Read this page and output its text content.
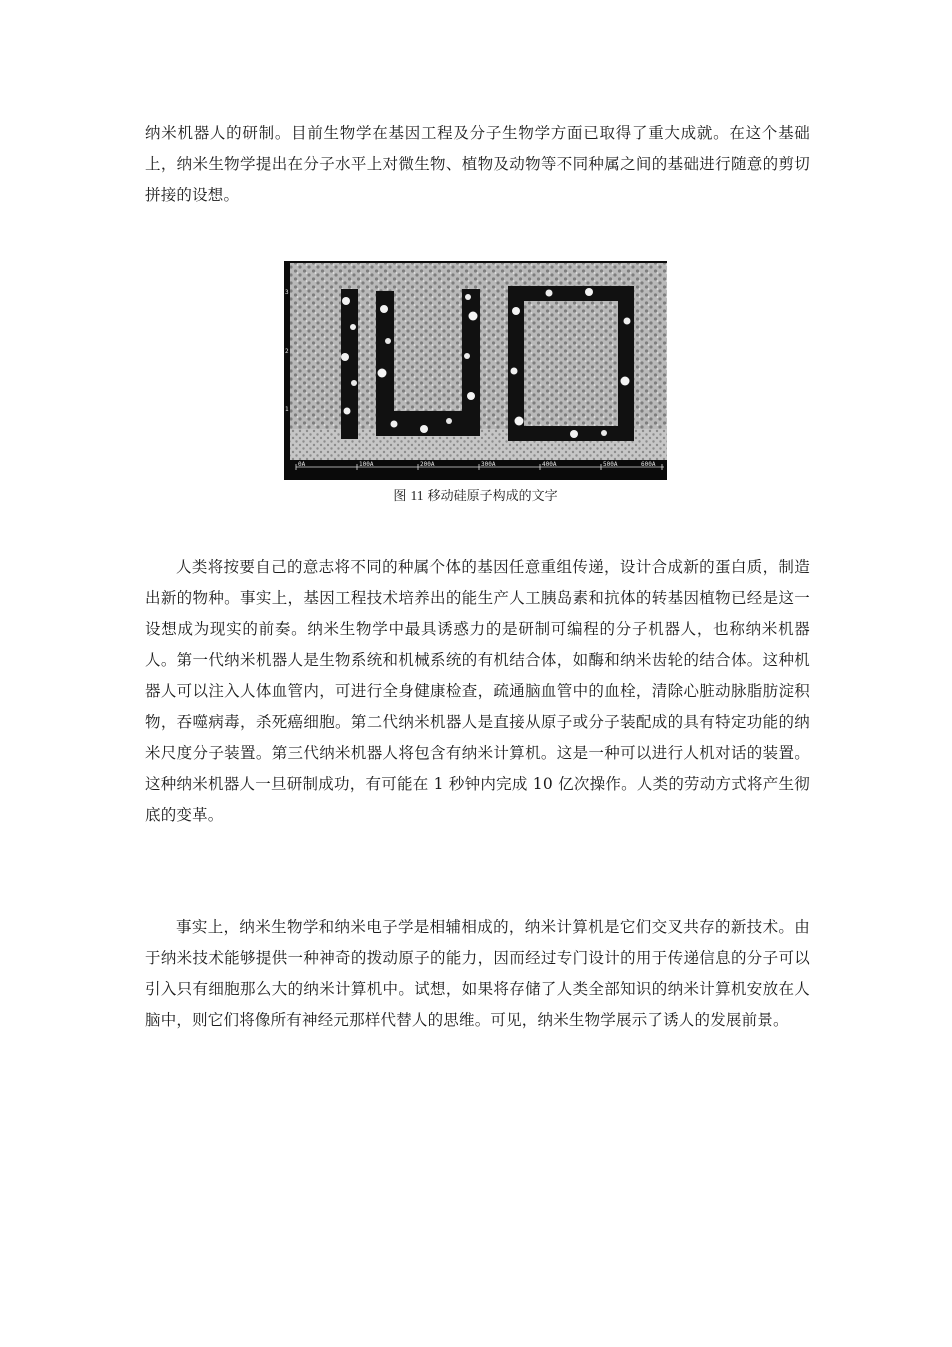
纳米机器人的研制。目前生物学在基因工程及分子生物学方面已取得了重大成就。在这个基础上，纳米生物学提出在分子水平上对微生物、植物及动物等不同种属之间的基础进行随意的剪切拼接的设想。

3
2
1
0A	100A	200A	300A	400A	500A	600A
图 11 移动硅原子构成的文字

人类将按要自己的意志将不同的种属个体的基因任意重组传递，设计合成新的蛋白质，制造出新的物种。事实上，基因工程技术培养出的能生产人工胰岛素和抗体的转基因植物已经是这一设想成为现实的前奏。纳米生物学中最具诱惑力的是研制可编程的分子机器人，也称纳米机器人。第一代纳米机器人是生物系统和机械系统的有机结合体，如酶和纳米齿轮的结合体。这种机器人可以注入人体血管内，可进行全身健康检查，疏通脑血管中的血栓，清除心脏动脉脂肪淀积物，吞噬病毒，杀死癌细胞。第二代纳米机器人是直接从原子或分子装配成的具有特定功能的纳米尺度分子装置。第三代纳米机器人将包含有纳米计算机。这是一种可以进行人机对话的装置。这种纳米机器人一旦研制成功，有可能在 1 秒钟内完成 10 亿次操作。人类的劳动方式将产生彻底的变革。

事实上，纳米生物学和纳米电子学是相辅相成的，纳米计算机是它们交叉共存的新技术。由于纳米技术能够提供一种神奇的拨动原子的能力，因而经过专门设计的用于传递信息的分子可以引入只有细胞那么大的纳米计算机中。试想，如果将存储了人类全部知识的纳米计算机安放在人脑中，则它们将像所有神经元那样代替人的思维。可见，纳米生物学展示了诱人的发展前景。
